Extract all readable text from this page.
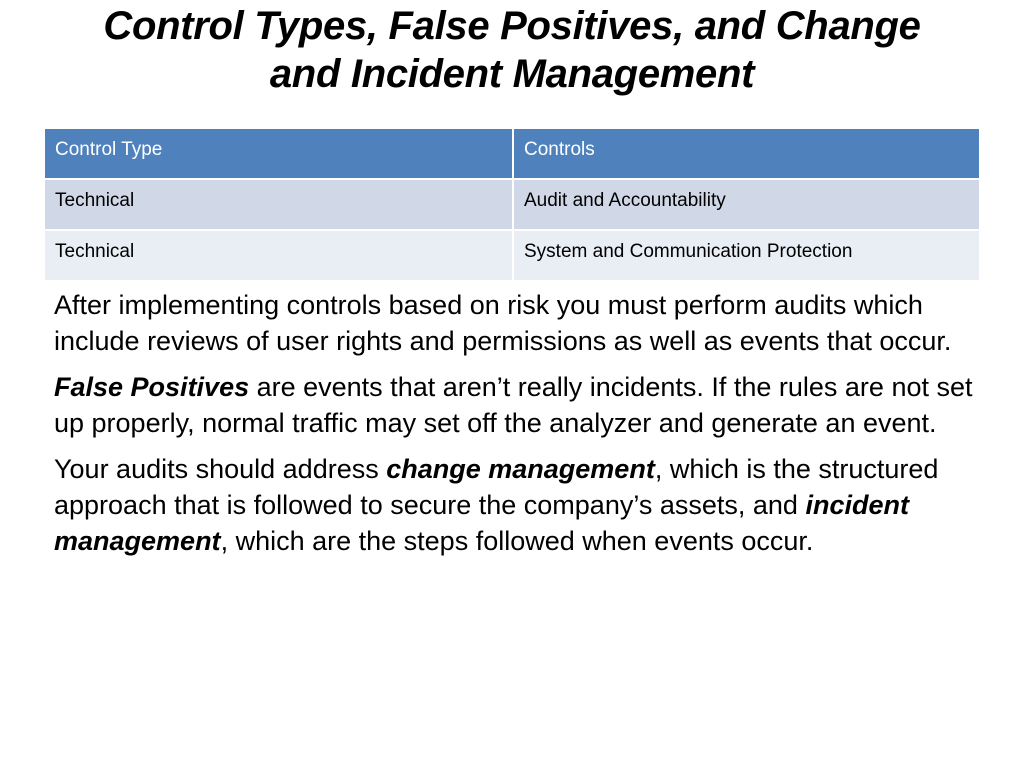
Control Types, False Positives, and Change
and Incident Management
Control Type	Controls
Technical	Audit and Accountability
Technical	System and Communication Protection

After implementing controls based on risk you must perform audits which include reviews of user rights and permissions as well as events that occur.

False Positives are events that aren’t really incidents. If the rules are not set up properly, normal traffic may set off the analyzer and generate an event.

Your audits should address change management, which is the structured approach that is followed to secure the company’s assets, and incident management, which are the steps followed when events occur.
